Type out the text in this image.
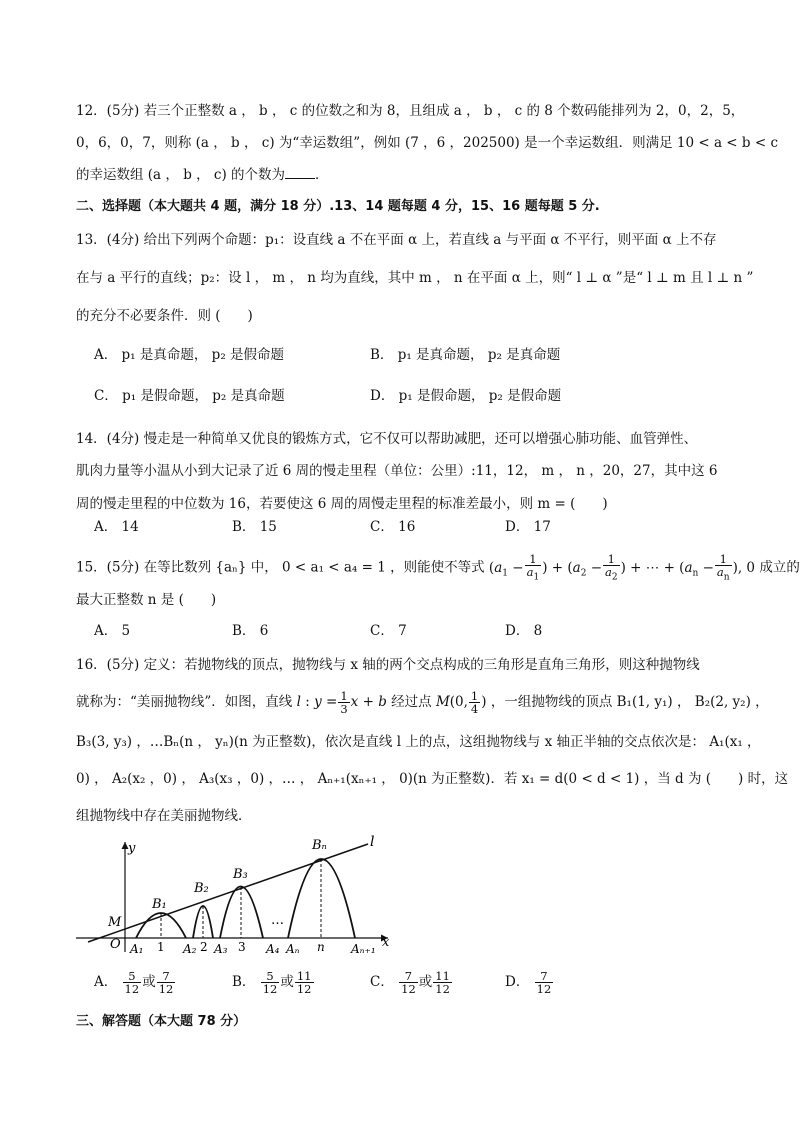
12．(5分) 若三个正整数 a ， b ， c 的位数之和为 8，且组成 a ， b ， c 的 8 个数码能排列为 2，0，2，5，
0，6，0，7，则称 (a ， b ， c) 为“幸运数组”，例如 (7 ，6 ，202500) 是一个幸运数组．则满足 10 < a < b < c
的幸运数组 (a ， b ， c) 的个数为 ．
二、选择题（本大题共 4 题，满分 18 分）.13、14 题每题 4 分，15、16 题每题 5 分.
13．(4分) 给出下列两个命题：p₁：设直线 a 不在平面 α 上，若直线 a 与平面 α 不平行，则平面 α 上不存
在与 a 平行的直线；p₂：设 l ， m ， n 均为直线，其中 m ， n 在平面 α 上，则“ l ⊥ α ”是“ l ⊥ m 且 l ⊥ n ”
的充分不必要条件．则 (　　)
A． p₁ 是真命题， p₂ 是假命题	B． p₁ 是真命题， p₂ 是真命题
C． p₁ 是假命题， p₂ 是真命题	D． p₁ 是假命题， p₂ 是假命题
14．(4分) 慢走是一种简单又优良的锻炼方式，它不仅可以帮助减肥，还可以增强心肺功能、血管弹性、
肌肉力量等小温从小到大记录了近 6 周的慢走里程（单位：公里）:11，12， m ， n ，20，27，其中这 6
周的慢走里程的中位数为 16，若要使这 6 周的周慢走里程的标准差最小，则 m = (　　)
A． 14	B． 15	C． 16	D． 17
15．(5分) 在等比数列 {aₙ} 中， 0 < a₁ < a₄ = 1 ，则能使不等式 ($a_1 - \frac{1}{a_1}$ ) + ($a_2 - \frac{1}{a_2}$ ) + ⋯ + ($a_n - \frac{1}{a_n}$ ), 0 成立的
最大正整数 n 是 (　　)
A． 5	B． 6	C． 7	D． 8
16．(5分) 定义：若抛物线的顶点，抛物线与 x 轴的两个交点构成的三角形是直角三角形，则这种抛物线
就称为：“美丽抛物线”．如图，直线 l : $y = \frac{1}{3}$ x + b 经过点 M(0, $\frac{1}{4}$ ) ，一组抛物线的顶点 B₁(1, y₁) ， B₂(2, y₂) ，
B₃(3, y₃) ，…Bₙ(n ， yₙ)(n 为正整数)，依次是直线 l 上的点，这组抛物线与 x 轴正半轴的交点依次是： A₁(x₁ ，
0) ， A₂(x₂ ，0) ， A₃(x₃ ，0) ，… ， Aₙ₊₁(xₙ₊₁ ， 0)(n 为正整数)．若 x₁ = d(0 < d < 1) ，当 d 为 (　　) 时，这
组抛物线中存在美丽抛物线．
y
x
l
M
O
B₁
B₂
B₃
Bₙ
…
A₁ 1 A₂ 2 A₃ 3 A₄ Aₙ n Aₙ₊₁
A． $\frac{5}{12}$ 或 $\frac{7}{12}$	B． $\frac{5}{12}$ 或 $\frac{11}{12}$	C． $\frac{7}{12}$ 或 $\frac{11}{12}$	D． $\frac{7}{12}$
三、解答题（本大题 78 分）
